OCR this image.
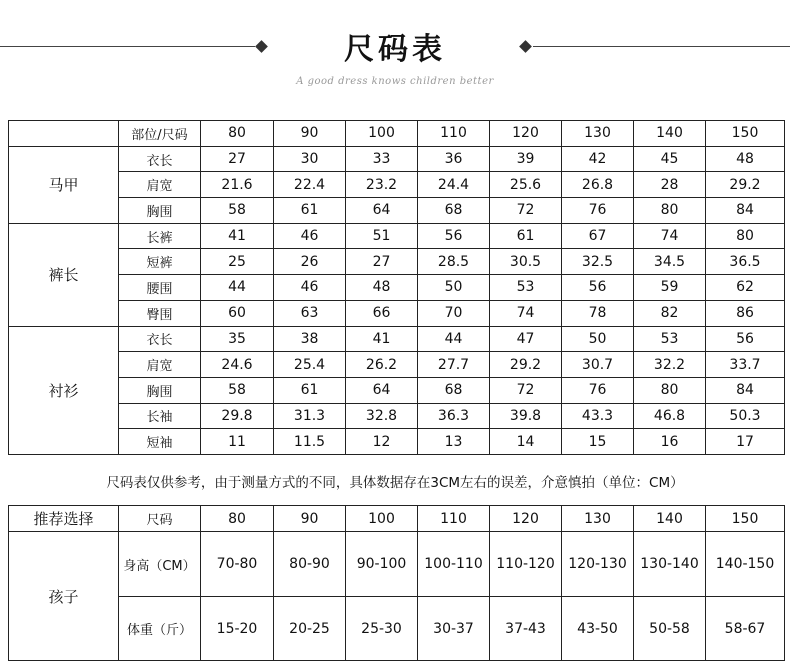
尺码表
A good dress knows children better
	部位/尺码	80	90	100	110	120	130	140	150
马甲	衣长	27	30	33	36	39	42	45	48
	肩宽	21.6	22.4	23.2	24.4	25.6	26.8	28	29.2
	胸围	58	61	64	68	72	76	80	84
裤长	长裤	41	46	51	56	61	67	74	80
	短裤	25	26	27	28.5	30.5	32.5	34.5	36.5
	腰围	44	46	48	50	53	56	59	62
	臀围	60	63	66	70	74	78	82	86
衬衫	衣长	35	38	41	44	47	50	53	56
	肩宽	24.6	25.4	26.2	27.7	29.2	30.7	32.2	33.7
	胸围	58	61	64	68	72	76	80	84
	长袖	29.8	31.3	32.8	36.3	39.8	43.3	46.8	50.3
	短袖	11	11.5	12	13	14	15	16	17
尺码表仅供参考，由于测量方式的不同，具体数据存在3CM左右的误差，介意慎拍（单位：CM）
推荐选择	尺码	80	90	100	110	120	130	140	150
孩子	身高（CM）	70-80	80-90	90-100	100-110	110-120	120-130	130-140	140-150
	体重（斤）	15-20	20-25	25-30	30-37	37-43	43-50	50-58	58-67
